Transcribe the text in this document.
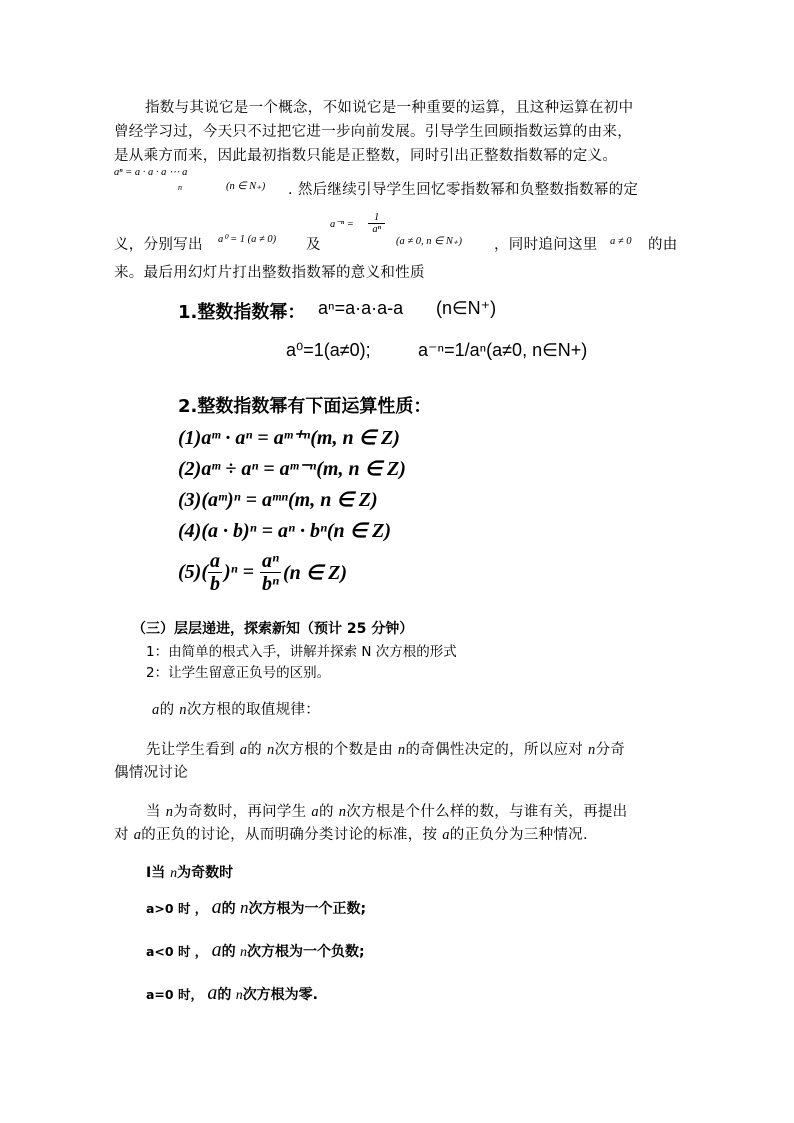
指数与其说它是一个概念，不如说它是一种重要的运算，且这种运算在初中
曾经学习过，今天只不过把它进一步向前发展。引导学生回顾指数运算的由来，
是从乘方而来，因此最初指数只能是正整数，同时引出正整数指数幂的定义。
aⁿ = a · a · a ⋯ a
n	(n ∈ N₊) . 然后继续引导学生回忆零指数幂和负整数指数幂的定
义，分别写出 a⁰ = 1 (a ≠ 0) 及
$a^{-n} = \frac{1}{\text{aⁿ}}$
(a ≠ 0, n ∈ N₊) ，同时追问这里 a ≠ 0 的由
来。最后用幻灯片打出整数指数幂的意义和性质
1.整数指数幂： aⁿ=a·a·a-a (n∈N⁺)
a⁰=1(a≠0);	a⁻ⁿ=1/aⁿ(a≠0, n∈N+)
2.整数指数幂有下面运算性质：
(1)aᵐ · aⁿ = aᵐ⁺ⁿ(m, n ∈ Z)
(2)aᵐ ÷ aⁿ = aᵐ⁻ⁿ(m, n ∈ Z)
(3)(aᵐ)ⁿ = aᵐⁿ(m, n ∈ Z)
(4)(a · b)ⁿ = aⁿ · bⁿ(n ∈ Z)
$(5)( \frac{a}{b} )^n = \frac{\text{aⁿ}}{\text{bⁿ}} (n$ ∈ Z)
（三）层层递进，探索新知（预计 25 分钟）
1：由简单的根式入手，讲解并探索 N 次方根的形式
2：让学生留意正负号的区别。
a的 n次方根的取值规律：
先让学生看到 a的 n次方根的个数是由 n的奇偶性决定的，所以应对 n分奇
偶情况讨论
当 n为奇数时，再问学生 a的 n次方根是个什么样的数，与谁有关，再提出
对 a的正负的讨论，从而明确分类讨论的标准，按 a的正负分为三种情况.
Ⅰ当 n为奇数时
a>0 时 ， a的 n次方根为一个正数;
a<0 时 ， a的 n次方根为一个负数;
a=0 时， a的 n次方根为零.
